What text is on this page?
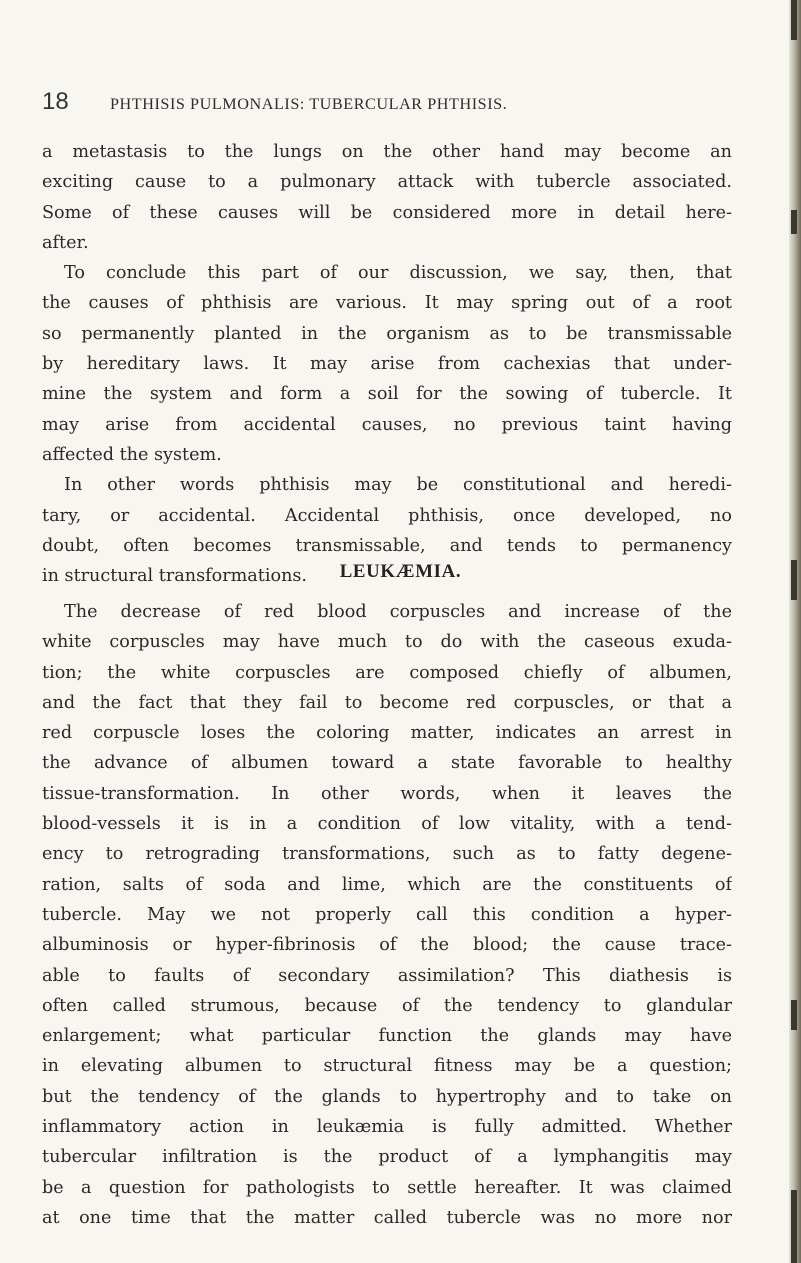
18	PHTHISIS PULMONALIS: TUBERCULAR PHTHISIS.
a metastasis to the lungs on the other hand may become an
exciting cause to a pulmonary attack with tubercle associated.
Some of these causes will be considered more in detail here-
after.
To conclude this part of our discussion, we say, then, that
the causes of phthisis are various. It may spring out of a root
so permanently planted in the organism as to be transmissable
by hereditary laws. It may arise from cachexias that under-
mine the system and form a soil for the sowing of tubercle. It
may arise from accidental causes, no previous taint having
affected the system.
In other words phthisis may be constitutional and heredi-
tary, or accidental. Accidental phthisis, once developed, no
doubt, often becomes transmissable, and tends to permanency
in structural transformations.	LEUKÆMIA.
The decrease of red blood corpuscles and increase of the
white corpuscles may have much to do with the caseous exuda-
tion; the white corpuscles are composed chiefly of albumen,
and the fact that they fail to become red corpuscles, or that a
red corpuscle loses the coloring matter, indicates an arrest in
the advance of albumen toward a state favorable to healthy
tissue-transformation. In other words, when it leaves the
blood-vessels it is in a condition of low vitality, with a tend-
ency to retrograding transformations, such as to fatty degene-
ration, salts of soda and lime, which are the constituents of
tubercle. May we not properly call this condition a hyper-
albuminosis or hyper-fibrinosis of the blood; the cause trace-
able to faults of secondary assimilation? This diathesis is
often called strumous, because of the tendency to glandular
enlargement; what particular function the glands may have
in elevating albumen to structural fitness may be a question;
but the tendency of the glands to hypertrophy and to take on
inflammatory action in leukæmia is fully admitted. Whether
tubercular infiltration is the product of a lymphangitis may
be a question for pathologists to settle hereafter. It was claimed
at one time that the matter called tubercle was no more nor
